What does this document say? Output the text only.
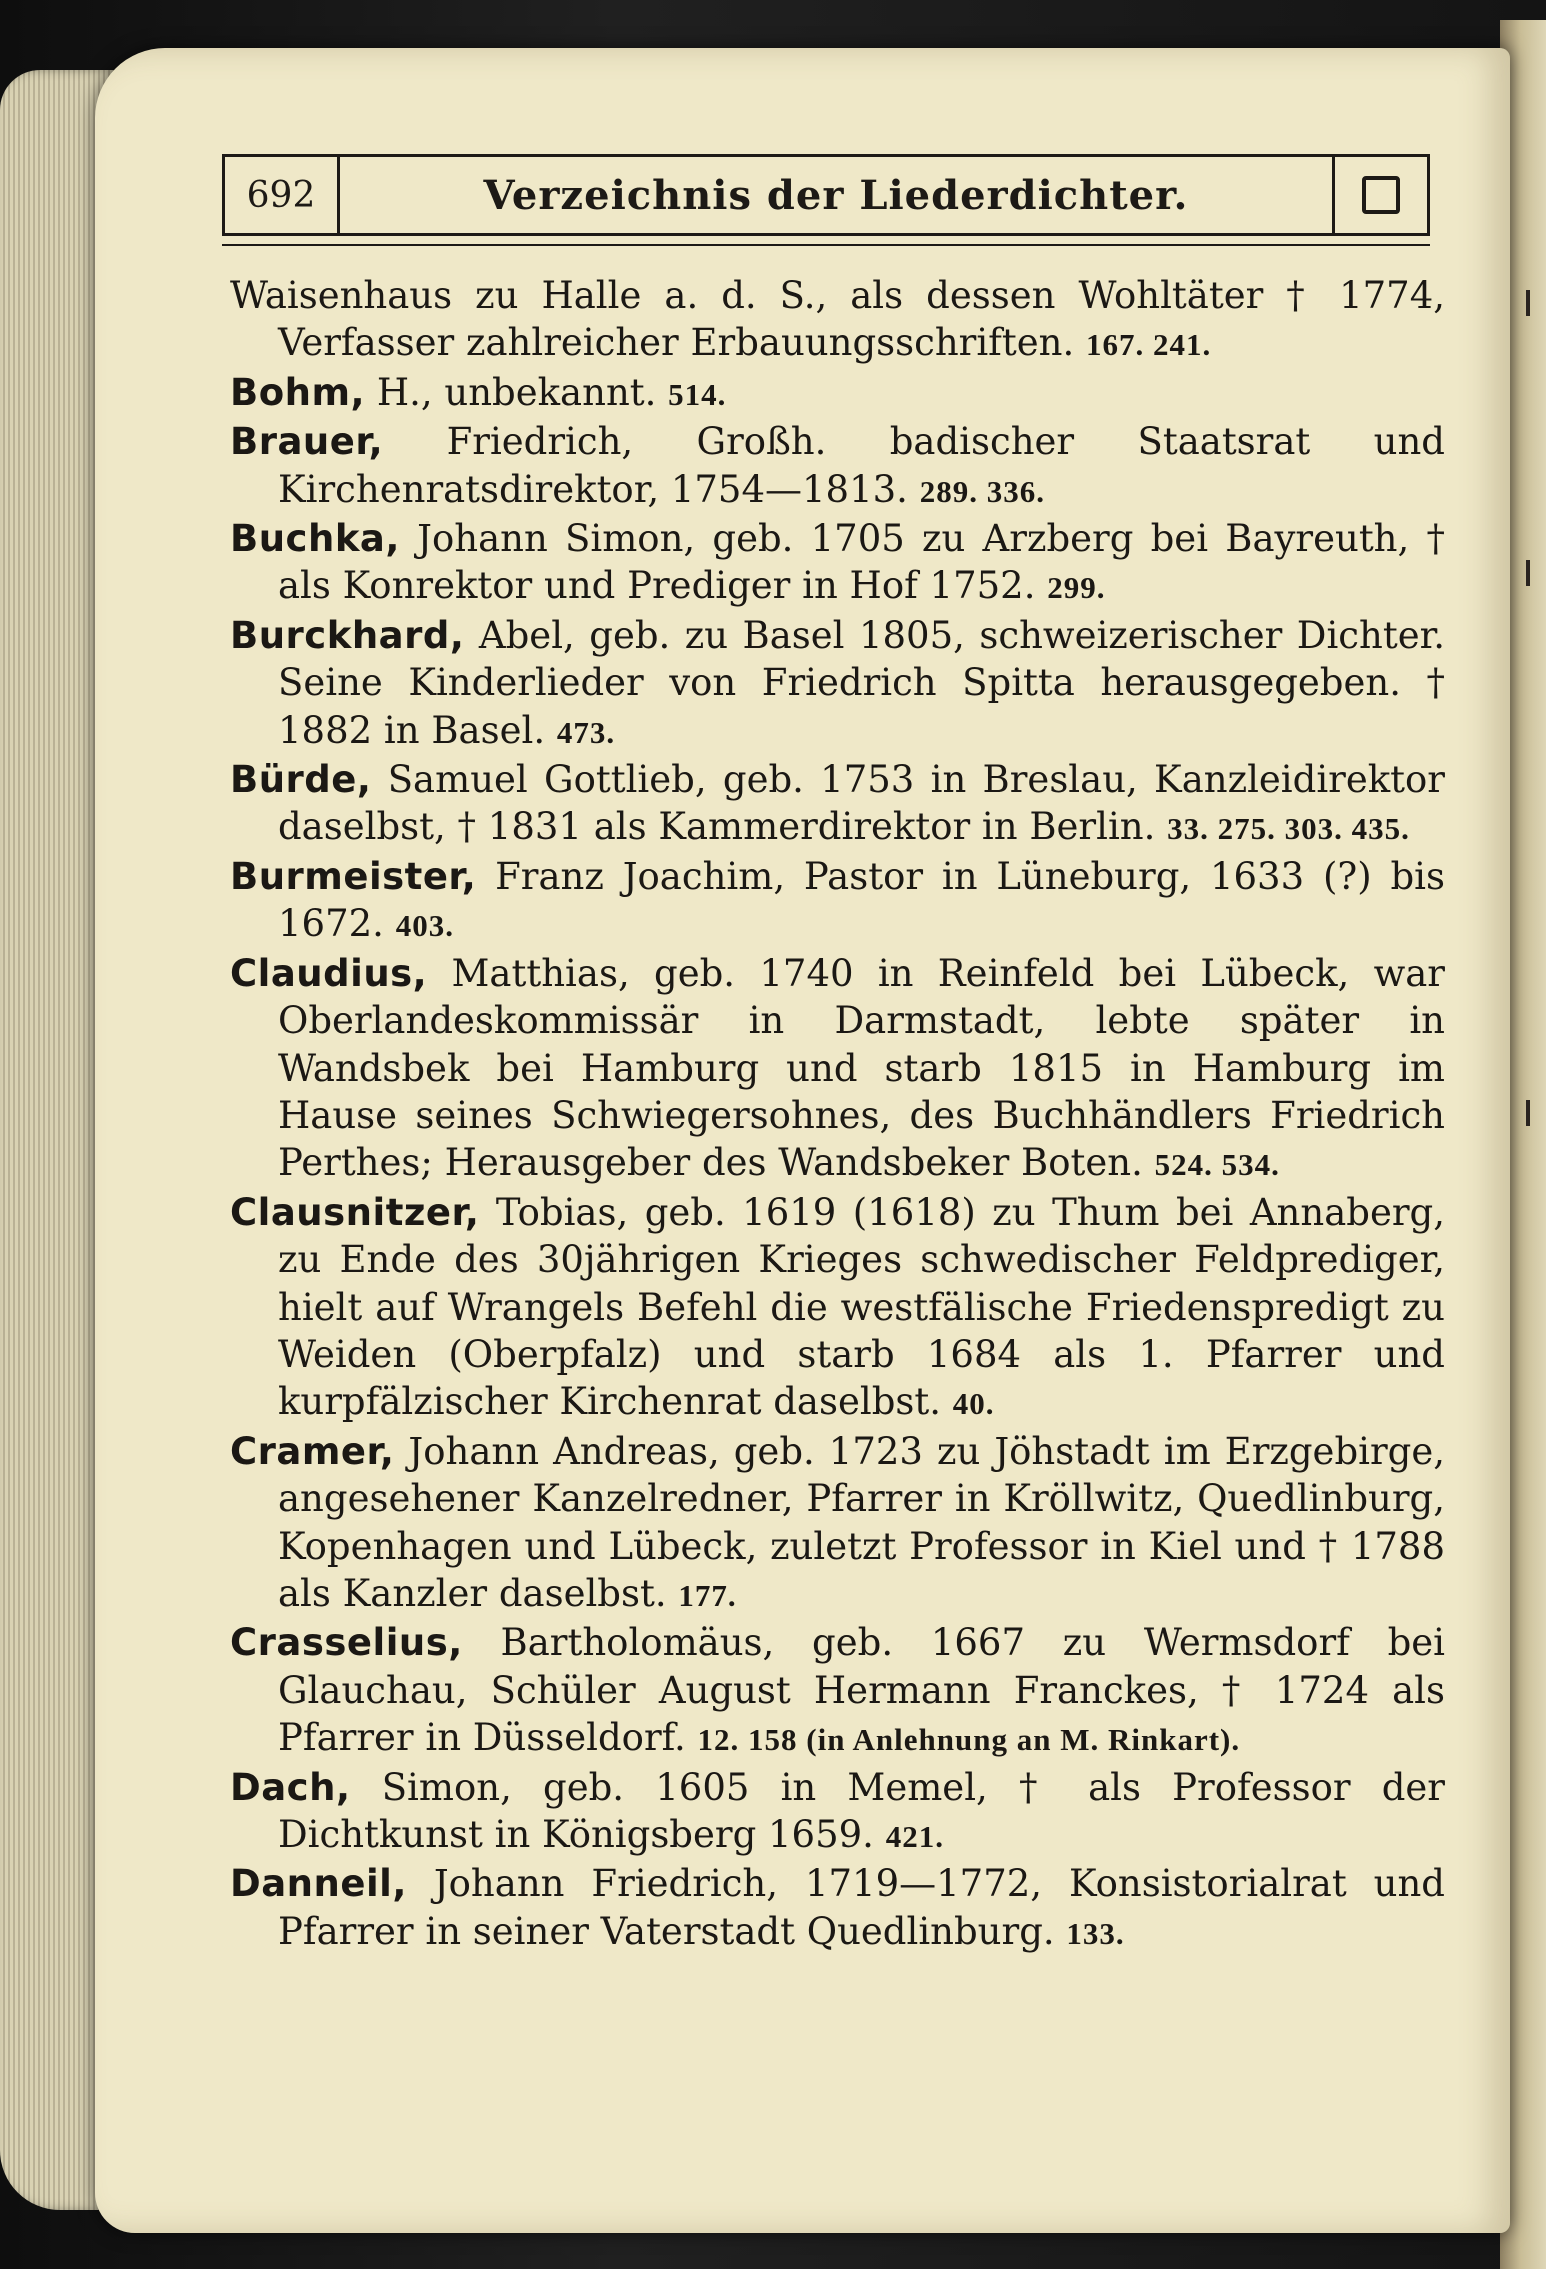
692	Verzeichnis der Liederdichter.

Waisenhaus zu Halle a. d. S., als dessen Wohltäter † 1774, Verfasser zahlreicher Erbauungsschriften. 167. 241.

Bohm, H., unbekannt. 514.

Brauer, Friedrich, Großh. badischer Staatsrat und Kirchenratsdirektor, 1754—1813. 289. 336.

Buchka, Johann Simon, geb. 1705 zu Arzberg bei Bayreuth, † als Konrektor und Prediger in Hof 1752. 299.

Burckhard, Abel, geb. zu Basel 1805, schweizerischer Dichter. Seine Kinderlieder von Friedrich Spitta herausgegeben. † 1882 in Basel. 473.

Bürde, Samuel Gottlieb, geb. 1753 in Breslau, Kanzleidirektor daselbst, † 1831 als Kammerdirektor in Berlin. 33. 275. 303. 435.

Burmeister, Franz Joachim, Pastor in Lüneburg, 1633 (?) bis 1672. 403.

Claudius, Matthias, geb. 1740 in Reinfeld bei Lübeck, war Oberlandeskommissär in Darmstadt, lebte später in Wandsbek bei Hamburg und starb 1815 in Hamburg im Hause seines Schwiegersohnes, des Buchhändlers Friedrich Perthes; Herausgeber des Wandsbeker Boten. 524. 534.

Clausnitzer, Tobias, geb. 1619 (1618) zu Thum bei Annaberg, zu Ende des 30jährigen Krieges schwedischer Feldprediger, hielt auf Wrangels Befehl die westfälische Friedenspredigt zu Weiden (Oberpfalz) und starb 1684 als 1. Pfarrer und kurpfälzischer Kirchenrat daselbst. 40.

Cramer, Johann Andreas, geb. 1723 zu Jöhstadt im Erzgebirge, angesehener Kanzelredner, Pfarrer in Kröllwitz, Quedlinburg, Kopenhagen und Lübeck, zuletzt Professor in Kiel und † 1788 als Kanzler daselbst. 177.

Crasselius, Bartholomäus, geb. 1667 zu Wermsdorf bei Glauchau, Schüler August Hermann Franckes, † 1724 als Pfarrer in Düsseldorf. 12. 158 (in Anlehnung an M. Rinkart).

Dach, Simon, geb. 1605 in Memel, † als Professor der Dichtkunst in Königsberg 1659. 421.

Danneil, Johann Friedrich, 1719—1772, Konsistorialrat und Pfarrer in seiner Vaterstadt Quedlinburg. 133.
